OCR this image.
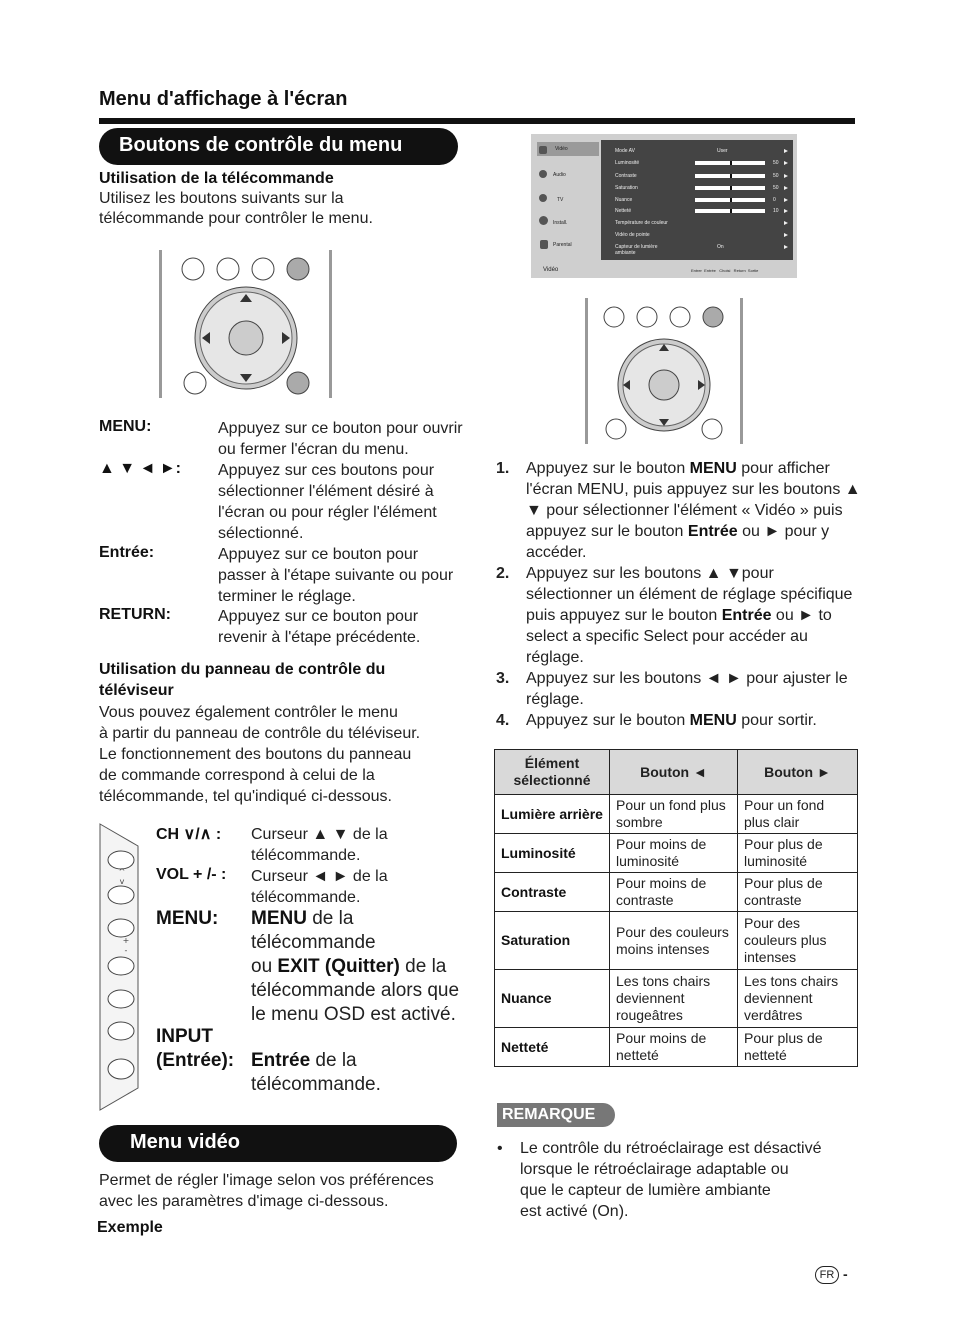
Menu d'affichage à l'écran
Boutons de contrôle du menu
Utilisation de la télécommande
Utilisez les boutons suivants sur la
télécommande pour contrôler le menu.
MENU:	Appuyez sur ce bouton pour ouvrir
ou fermer l'écran du menu.
▲ ▼ ◄ ►: Appuyez sur ces boutons pour
sélectionner l'élément désiré à
l'écran ou pour régler l'élément
sélectionné.
Entrée:	Appuyez sur ce bouton pour
passer à l'étape suivante ou pour
terminer le réglage.
RETURN:	Appuyez sur ce bouton pour
revenir à l'étape précédente.
Utilisation du panneau de contrôle du
téléviseur
Vous pouvez également contrôler le menu
à partir du panneau de contrôle du téléviseur.
Le fonctionnement des boutons du panneau
de commande correspond à celui de la
télécommande, tel qu'indiqué ci-dessous.
^
v
+
-
CH ∨/∧ : Curseur ▲ ▼ de la
télécommande.
VOL + /- : Curseur ◄ ► de la
télécommande.
MENU: MENU de la
télécommande
ou EXIT (Quitter) de la
télécommande alors que
le menu OSD est activé.
INPUT
(Entrée): Entrée de la
télécommande.
Menu vidéo
Permet de régler l'image selon vos préférences
avec les paramètres d'image ci-dessous.
Exemple
Vidéo
Audio
TV
Install.
Parental
Mode AV	User
Luminosité	50
Contraste	50
Saturation	50
Nuance	0
Netteté	10
Température de couleur
Vidéo de pointe
Capteur de lumière ambiante
On
Vidéo	Entrer  Entrée   Choisi   Return  Sortie
1. Appuyez sur le bouton MENU pour afficher l'écran MENU, puis appuyez sur les boutons ▲ ▼ pour sélectionner l'élément « Vidéo » puis appuyez sur le bouton Entrée ou ► pour y accéder.
2. Appuyez sur les boutons ▲ ▼pour sélectionner un élément de réglage spécifique puis appuyez sur le bouton Entrée ou ► to select a specific Select pour accéder au réglage.
3. Appuyez sur les boutons ◄ ► pour ajuster le réglage.
4. Appuyez sur le bouton MENU pour sortir.
Élément sélectionné	Bouton ◄	Bouton ►
Lumière arrière	Pour un fond plus sombre	Pour un fond plus clair
Luminosité	Pour moins de luminosité	Pour plus de luminosité
Contraste	Pour moins de contraste	Pour plus de contraste
Saturation	Pour des couleurs moins intenses	Pour des couleurs plus intenses
Nuance	Les tons chairs deviennent rougeâtres	Les tons chairs deviennent verdâtres
Netteté	Pour moins de netteté	Pour plus de netteté
REMARQUE
• Le contrôle du rétroéclairage est désactivé
lorsque le rétroéclairage adaptable ou
que le capteur de lumière ambiante
est activé (On).
FR -
